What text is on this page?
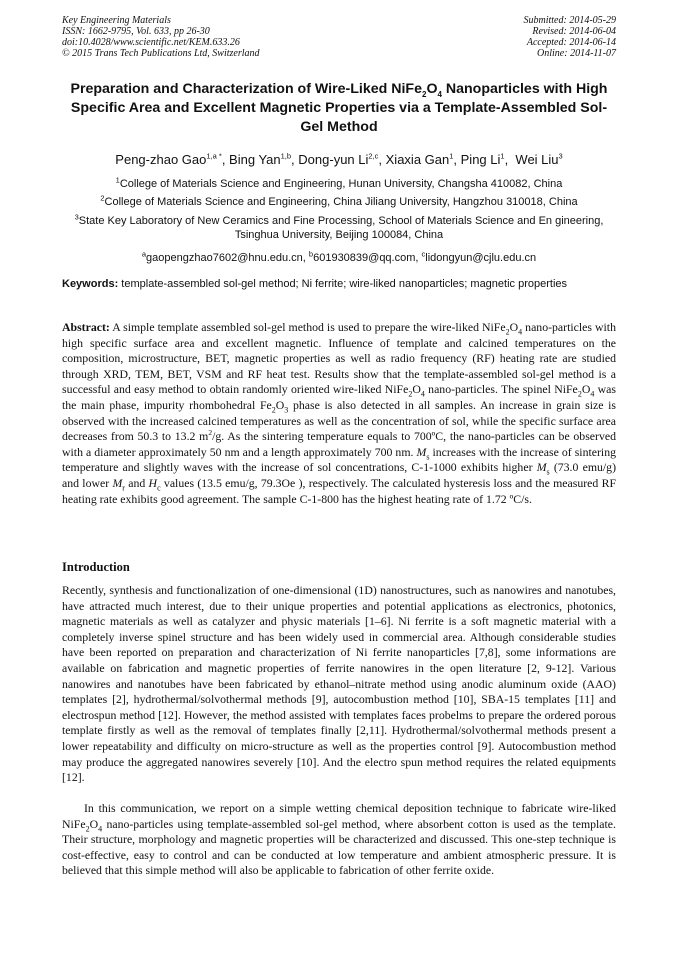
Key Engineering Materials
ISSN: 1662-9795, Vol. 633, pp 26-30
doi:10.4028/www.scientific.net/KEM.633.26
© 2015 Trans Tech Publications Ltd, Switzerland
Submitted: 2014-05-29
Revised: 2014-06-04
Accepted: 2014-06-14
Online: 2014-11-07
Preparation and Characterization of Wire-Liked $NiFe_2O_4$ Nanoparticles with High Specific Area and Excellent Magnetic Properties via a Template-Assembled Sol-Gel Method
Peng-zhao Gao$^{1,a *}$, Bing Yan$^{1,b}$, Dong-yun Li$^{2,c}$, Xiaxia Gan$^1$, Ping Li$^1$,  Wei Liu$^3$
$^1$College of Materials Science and Engineering, Hunan University, Changsha 410082, China
$^2$College of Materials Science and Engineering, China Jiliang University, Hangzhou 310018, China
$^3$State Key Laboratory of New Ceramics and Fine Processing, School of Materials Science and En gineering, Tsinghua University, Beijing 100084, China
$^a$gaopengzhao7602@hnu.edu.cn, $^b$601930839@qq.com, $^c$lidongyun@cjlu.edu.cn
Keywords: template-assembled sol-gel method; Ni ferrite; wire-liked nanoparticles; magnetic properties
Abstract: A simple template assembled sol-gel method is used to prepare the wire-liked $NiFe_2O_4$ nano-particles with high specific surface area and excellent magnetic. Influence of template and calcined temperatures on the composition, microstructure, BET, magnetic properties as well as radio frequency (RF) heating rate are studied through XRD, TEM, BET, VSM and RF heat test. Results show that the template-assembled sol-gel method is a successful and easy method to obtain randomly oriented wire-liked $NiFe_2O_4$ nano-particles. The spinel $NiFe_2O_4$ was the main phase, impurity rhombohedral $Fe_2O_3$ phase is also detected in all samples. An increase in grain size is observed with the increased calcined temperatures as well as the concentration of sol, while the specific surface area decreases from 50.3 to 13.2 $m^2/g$. As the sintering temperature equals to 700ºC, the nano-particles can be observed with a diameter approximately 50 nm and a length approximately 700 nm. $M_s$ increases with the increase of sintering temperature and slightly waves with the increase of sol concentrations, C-1-1000 exhibits higher $M_s$ (73.0 emu/g) and lower $M_r$ and $H_c$ values (13.5 emu/g, 79.3Oe ), respectively. The calculated hysteresis loss and the measured RF heating rate exhibits good agreement. The sample C-1-800 has the highest heating rate of 1.72 ºC/s.
Introduction
Recently, synthesis and functionalization of one-dimensional (1D) nanostructures, such as nanowires and nanotubes, have attracted much interest, due to their unique properties and potential applications as electronics, photonics, magnetic materials as well as catalyzer and physic materials [1–6]. Ni ferrite is a soft magnetic material with a completely inverse spinel structure and has been widely used in commercial area. Although considerable studies have been reported on preparation and characterization of Ni ferrite nanoparticles [7,8], some informations are available on fabrication and magnetic properties of ferrite nanowires in the open literature [2, 9-12]. Various nanowires and nanotubes have been fabricated by ethanol–nitrate method using anodic aluminum oxide (AAO) templates [2], hydrothermal/solvothermal methods [9], autocombustion method [10], SBA-15 templates [11] and electrospun method [12]. However, the method assisted with templates faces probelms to prepare the ordered porous template firstly as well as the removal of templates finally [2,11]. Hydrothermal/solvothermal methods present a lower repeatability and difficulty on micro-structure as well as the properties control [9]. Autocombustion method may produce the aggregated nanowires severely [10]. And the electro spun method requires the related equipments [12].
In this communication, we report on a simple wetting chemical deposition technique to fabricate wire-liked $NiFe_2O_4$ nano-particles using template-assembled sol-gel method, where absorbent cotton is used as the template. Their structure, morphology and magnetic properties will be characterized and discussed. This one-step technique is cost-effective, easy to control and can be conducted at low temperature and ambient atmospheric pressure. It is believed that this simple method will also be applicable to fabrication of other ferrite oxide.
